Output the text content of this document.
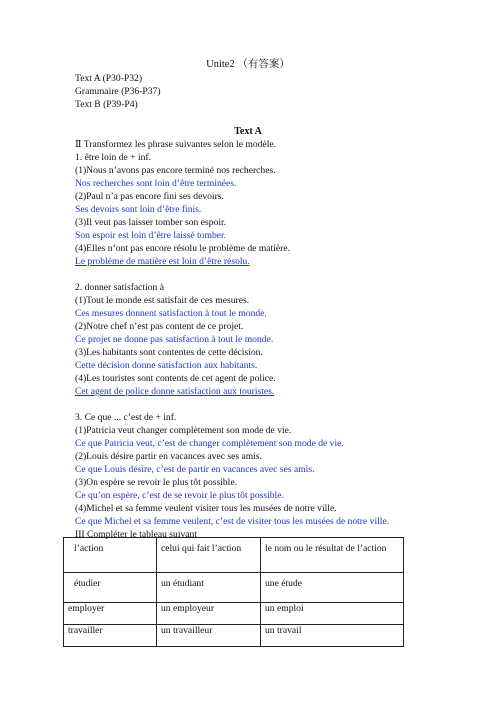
Unite2 （有答案）
Text A (P30-P32)
Grammaire (P36-P37)
Text B (P39-P4)
Text A
Ⅱ Transformez les phrase suivantes selon le modèle.
1. être loin de + inf.
(1)Nous n’avons pas encore terminé nos recherches.
Nos recherches sont loin d’être terminées.
(2)Paul n’a pas encore fini ses devoirs.
Ses devoirs sont loin d’être finis.
(3)Il veut pas laisser tomber son espoir.
Son espoir est loin d’être laissé tomber.
(4)Elles n’ont pas encore résolu le problème de matière.
Le problème de matière est loin d’être résolu.
2. donner satisfaction à
(1)Tout le monde est satisfait de ces mesures.
Ces mesures donnent satisfaction à tout le monde.
(2)Notre chef n’est pas content de ce projet.
Ce projet ne donne pas satisfaction à tout le monde.
(3)Les habitants sont contentes de cette décision.
Cette décision donne satisfaction aux habitants.
(4)Les touristes sont contents de cet agent de police.
Cet agent de police donne satisfaction aux touristes.
3. Ce que ... c’est de + inf.
(1)Patricia veut changer complètement son mode de vie.
Ce que Patricia veut, c’est de changer complètement son mode de vie.
(2)Louis désire partir en vacances avec ses amis.
Ce que Louis désire, c’est de partir en vacances avec ses amis.
(3)On espère se revoir le plus tôt possible.
Ce qu’on espère, c’est de se revoir le plus tôt possible.
(4)Michel et sa femme veulent visiter tous les musées de notre ville.
Ce que Michel et sa femme veulent, c’est de visiter tous les musées de notre ville.
III Compléter le tableau suivant
l’action	celui qui fait l’action	le nom ou le résultat de l’action
étudier	un étudiant	une étude
employer	un employeur	un emploi
travailler	un travailleur	un travail
